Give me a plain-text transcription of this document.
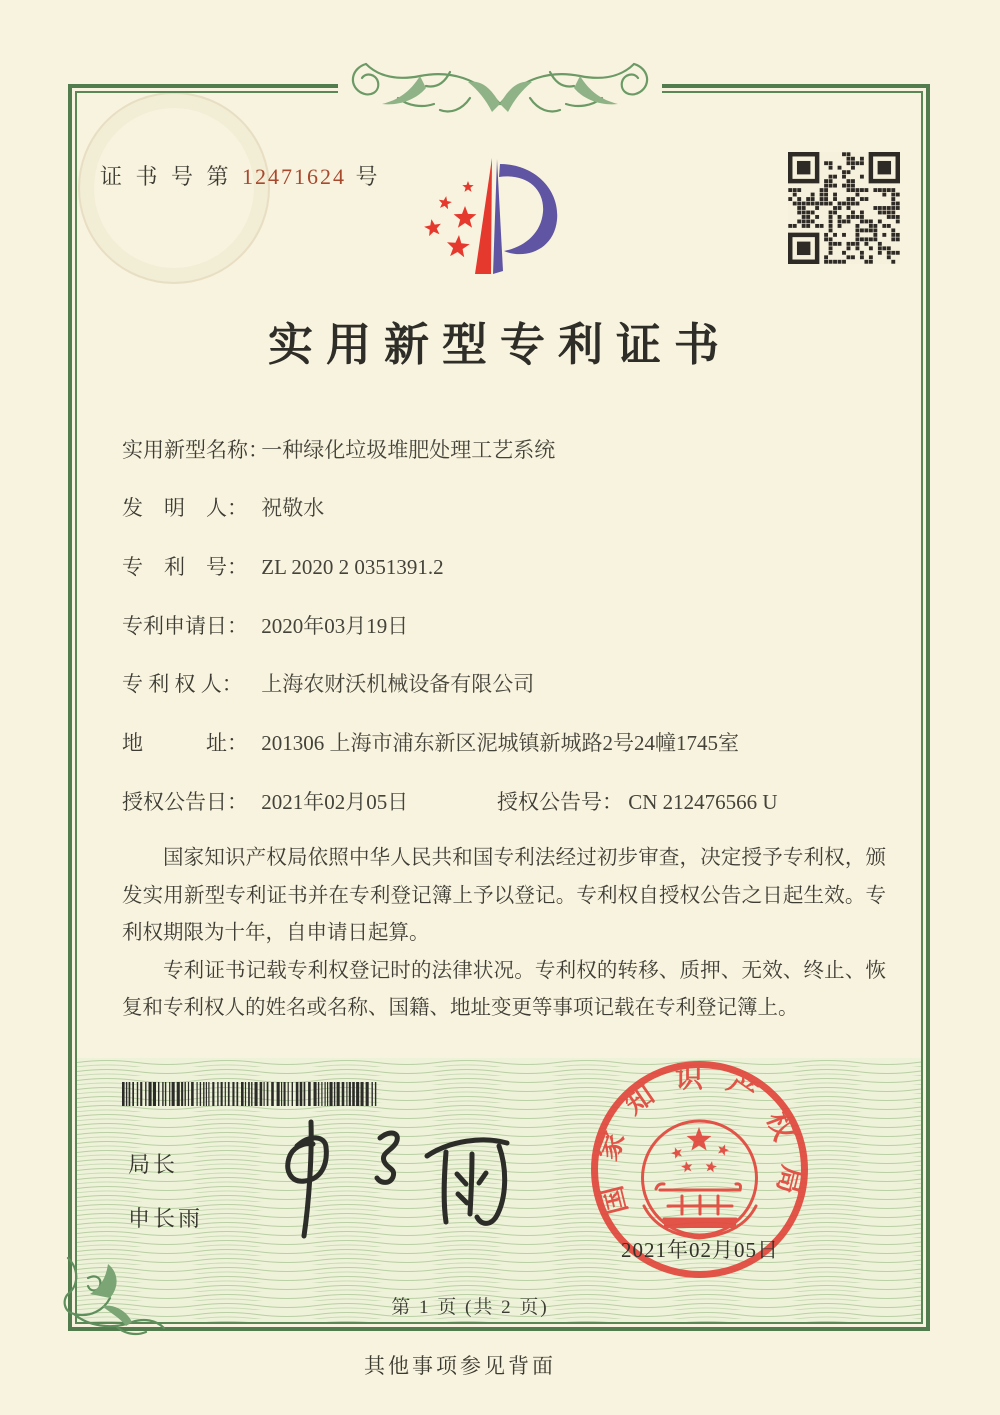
证 书 号 第 12471624 号
实用新型专利证书
实用新型名称： 一种绿化垃圾堆肥处理工艺系统
发　明　人： 祝敬水
专　利　号： ZL 2020 2 0351391.2
专利申请日： 2020年03月19日
专 利 权 人： 上海农财沃机械设备有限公司
地　　　址： 201306 上海市浦东新区泥城镇新城路2号24幢1745室
授权公告日： 2021年02月05日	授权公告号： CN 212476566 U

国家知识产权局依照中华人民共和国专利法经过初步审查，决定授予专利权，颁发实用新型专利证书并在专利登记簿上予以登记。专利权自授权公告之日起生效。专利权期限为十年，自申请日起算。

专利证书记载专利权登记时的法律状况。专利权的转移、质押、无效、终止、恢复和专利权人的姓名或名称、国籍、地址变更等事项记载在专利登记簿上。

局长
申长雨
国家知识产权局
2021年02月05日
第 1 页 (共 2 页)
其他事项参见背面
